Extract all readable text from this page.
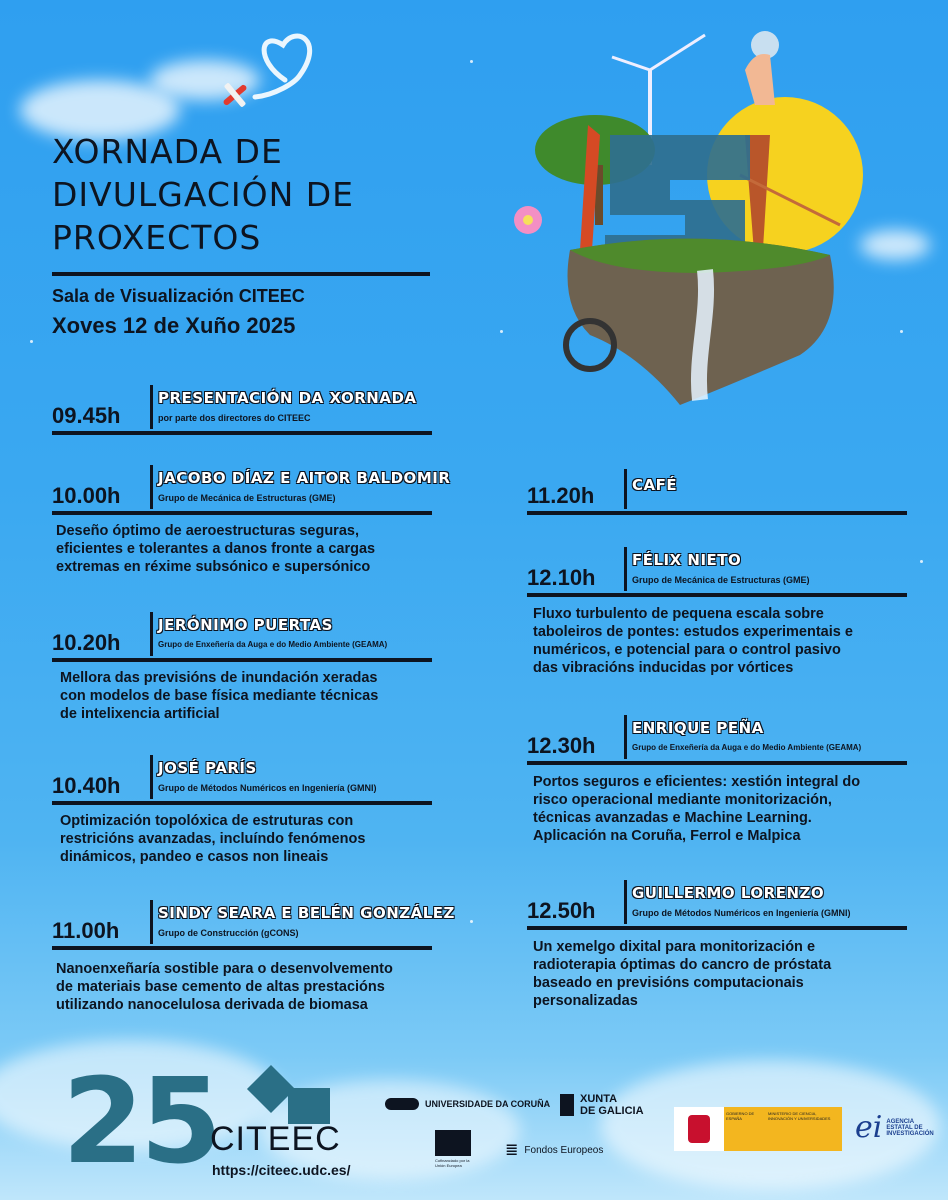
XORNADA DE
DIVULGACIÓN DE
PROXECTOS
Sala de Visualización CITEEC
Xoves 12 de Xuño 2025
09.45h
PRESENTACIÓN DA XORNADA
por parte dos directores do CITEEC
10.00h
JACOBO DÍAZ E AITOR BALDOMIR
Grupo de Mecánica de Estructuras (GME)
Deseño óptimo de aeroestructuras seguras,
eficientes e tolerantes a danos fronte a cargas
extremas en réxime subsónico e supersónico
10.20h
JERÓNIMO PUERTAS
Grupo de Enxeñería da Auga e do Medio Ambiente (GEAMA)
Mellora das previsións de inundación xeradas
con modelos de base física mediante técnicas
de intelixencia artificial
10.40h
JOSÉ PARÍS
Grupo de Métodos Numéricos en Ingeniería (GMNI)
Optimización topolóxica de estruturas con
restricións avanzadas, incluíndo fenómenos
dinámicos, pandeo e casos non lineais
11.00h
SINDY SEARA E BELÉN GONZÁLEZ
Grupo de Construcción (gCONS)
Nanoenxeñaría sostible para o desenvolvemento
de materiais base cemento de altas prestacións
utilizando nanocelulosa derivada de biomasa
11.20h	CAFÉ
12.10h
FÉLIX NIETO
Grupo de Mecánica de Estructuras (GME)
Fluxo turbulento de pequena escala sobre
taboleiros de pontes: estudos experimentais e
numéricos, e potencial para o control pasivo
das vibracións inducidas por vórtices
12.30h
ENRIQUE PEÑA
Grupo de Enxeñería da Auga e do Medio Ambiente (GEAMA)
Portos seguros e eficientes: xestión integral do
risco operacional mediante monitorización,
técnicas avanzadas e Machine Learning.
Aplicación na Coruña, Ferrol e Malpica
12.50h
GUILLERMO LORENZO
Grupo de Métodos Numéricos en Ingeniería (GMNI)
Un xemelgo dixital para monitorización e
radioterapia óptimas do cancro de próstata
baseado en previsións computacionais
personalizadas
25
CITEEC
https://citeec.udc.es/
UNIVERSIDADE DA CORUÑA	XUNTA
DE GALICIA
Cofinanciado por la Unión Europea
≣ Fondos Europeos
GOBIERNO DE ESPAÑA
MINISTERIO DE CIENCIA, INNOVACIÓN Y UNIVERSIDADES ei AGENCIA ESTATAL DE INVESTIGACIÓN
